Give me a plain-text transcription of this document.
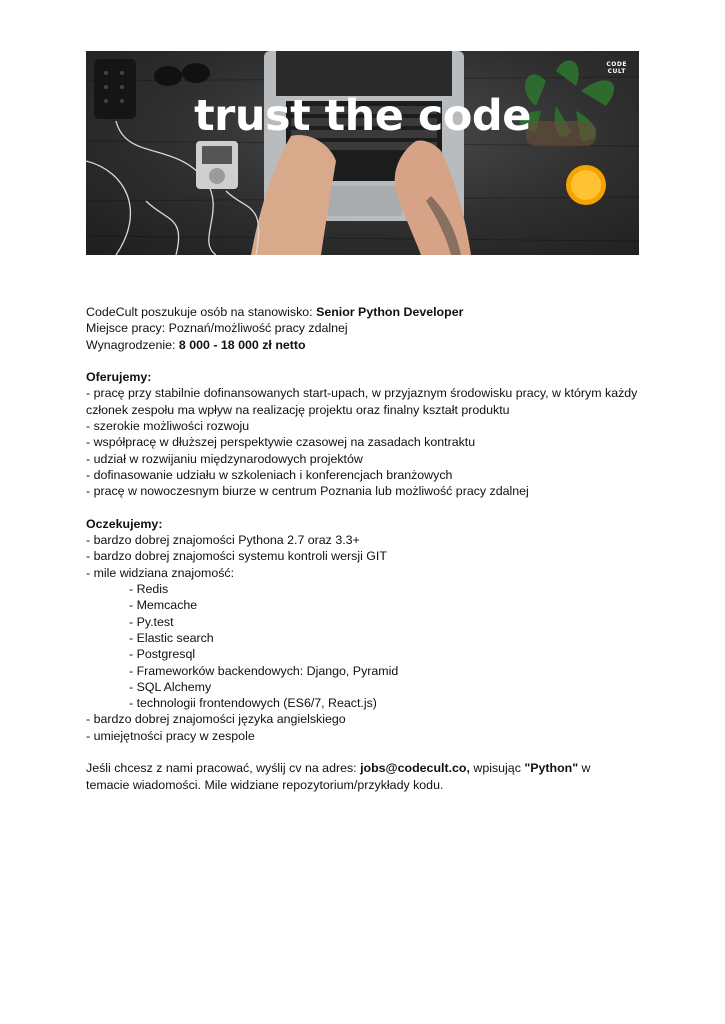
trust the code
CODE
CULT
CodeCult poszukuje osób na stanowisko: Senior Python Developer
Miejsce pracy: Poznań/możliwość pracy zdalnej
Wynagrodzenie: 8 000 - 18 000 zł netto
Oferujemy:
- pracę przy stabilnie dofinansowanych start-upach, w przyjaznym środowisku pracy, w którym każdy członek zespołu ma wpływ na realizację projektu oraz finalny kształt produktu
- szerokie możliwości rozwoju
- współpracę w dłuższej perspektywie czasowej na zasadach kontraktu
- udział w rozwijaniu międzynarodowych projektów
- dofinasowanie udziału w szkoleniach i konferencjach branżowych
- pracę w nowoczesnym biurze w centrum Poznania lub możliwość pracy zdalnej
Oczekujemy:
- bardzo dobrej znajomości Pythona 2.7 oraz 3.3+
- bardzo dobrej znajomości systemu kontroli wersji GIT
- mile widziana znajomość:
- Redis
- Memcache
- Py.test
- Elastic search
- Postgresql
- Frameworków backendowych: Django, Pyramid
- SQL Alchemy
- technologii frontendowych (ES6/7, React.js)
- bardzo dobrej znajomości języka angielskiego
- umiejętności pracy w zespole
Jeśli chcesz z nami pracować, wyślij cv na adres: jobs@codecult.co, wpisując "Python" w temacie wiadomości. Mile widziane repozytorium/przykłady kodu.
